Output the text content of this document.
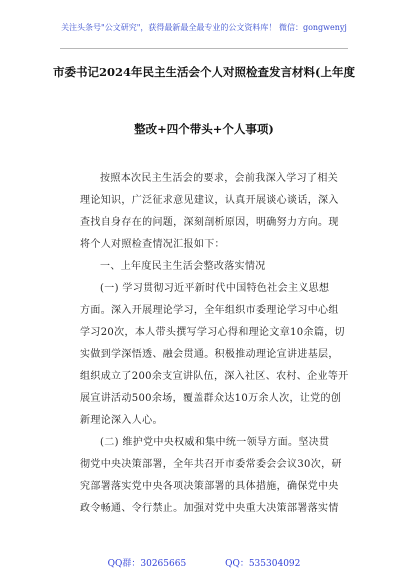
关注头条号"公文研究"，获得最新最全最专业的公文资料库！ 微信：gongwenyj
市委书记2024年民主生活会个人对照检查发言材料(上年度
整改+四个带头+个人事项)
按照本次民主生活会的要求，会前我深入学习了相关
理论知识，广泛征求意见建议，认真开展谈心谈话，深入
查找自身存在的问题，深刻剖析原因，明确努力方向。现
将个人对照检查情况汇报如下：
一、上年度民主生活会整改落实情况
(一) 学习贯彻习近平新时代中国特色社会主义思想
方面。深入开展理论学习，全年组织市委理论学习中心组
学习20次，本人带头撰写学习心得和理论文章10余篇，切
实做到学深悟透、融会贯通。积极推动理论宣讲进基层，
组织成立了200余支宣讲队伍，深入社区、农村、企业等开
展宣讲活动500余场，覆盖群众达10万余人次，让党的创
新理论深入人心。
(二) 维护党中央权威和集中统一领导方面。坚决贯
彻党中央决策部署，全年共召开市委常委会会议30次，研
究部署落实党中央各项决策部署的具体措施，确保党中央
政令畅通、令行禁止。加强对党中央重大决策部署落实情
QQ群：30265665	QQ：535304092
